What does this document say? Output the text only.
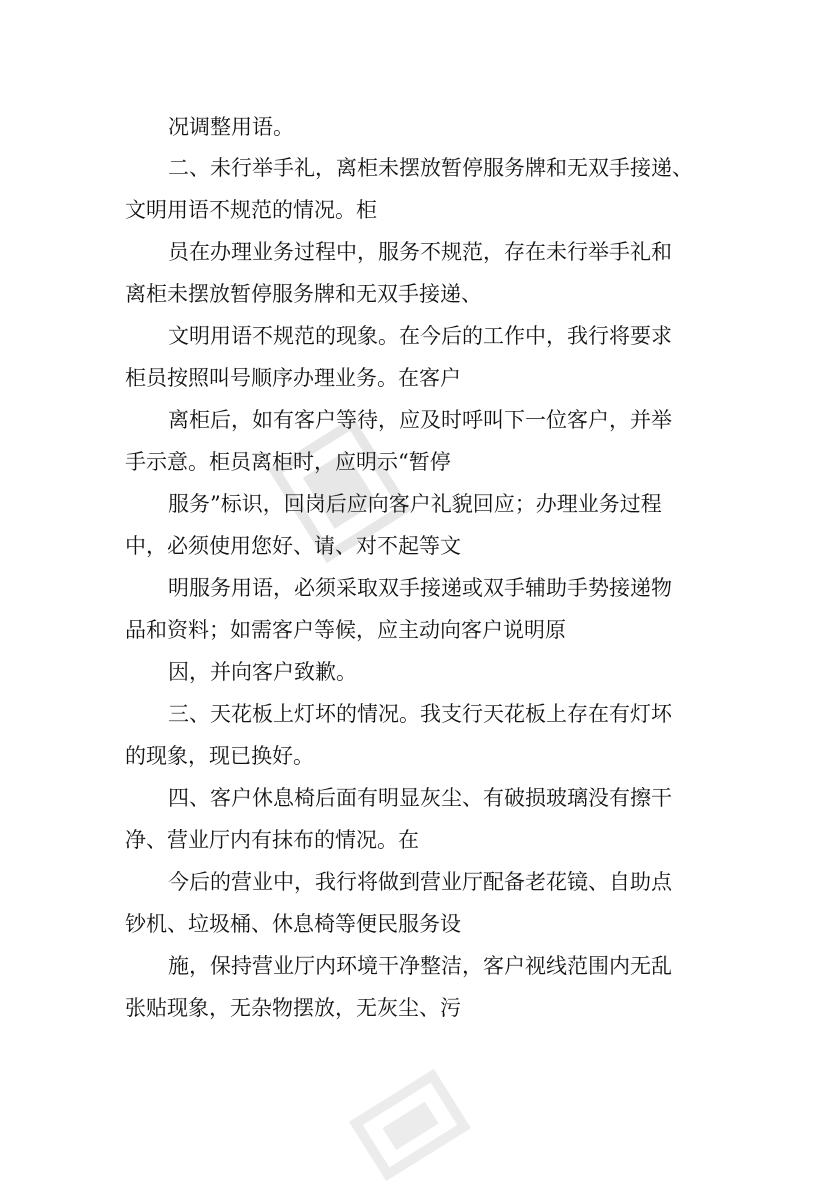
况调整用语。
二、未行举手礼，离柜未摆放暂停服务牌和无双手接递、
文明用语不规范的情况。柜
员在办理业务过程中，服务不规范，存在未行举手礼和
离柜未摆放暂停服务牌和无双手接递、
文明用语不规范的现象。在今后的工作中，我行将要求
柜员按照叫号顺序办理业务。在客户
离柜后，如有客户等待，应及时呼叫下一位客户，并举
手示意。柜员离柜时，应明示“暂停
服务”标识，回岗后应向客户礼貌回应；办理业务过程
中，必须使用您好、请、对不起等文
明服务用语，必须采取双手接递或双手辅助手势接递物
品和资料；如需客户等候，应主动向客户说明原
因，并向客户致歉。
三、天花板上灯坏的情况。我支行天花板上存在有灯坏
的现象，现已换好。
四、客户休息椅后面有明显灰尘、有破损玻璃没有擦干
净、营业厅内有抹布的情况。在
今后的营业中，我行将做到营业厅配备老花镜、自助点
钞机、垃圾桶、休息椅等便民服务设
施，保持营业厅内环境干净整洁，客户视线范围内无乱
张贴现象，无杂物摆放，无灰尘、污
